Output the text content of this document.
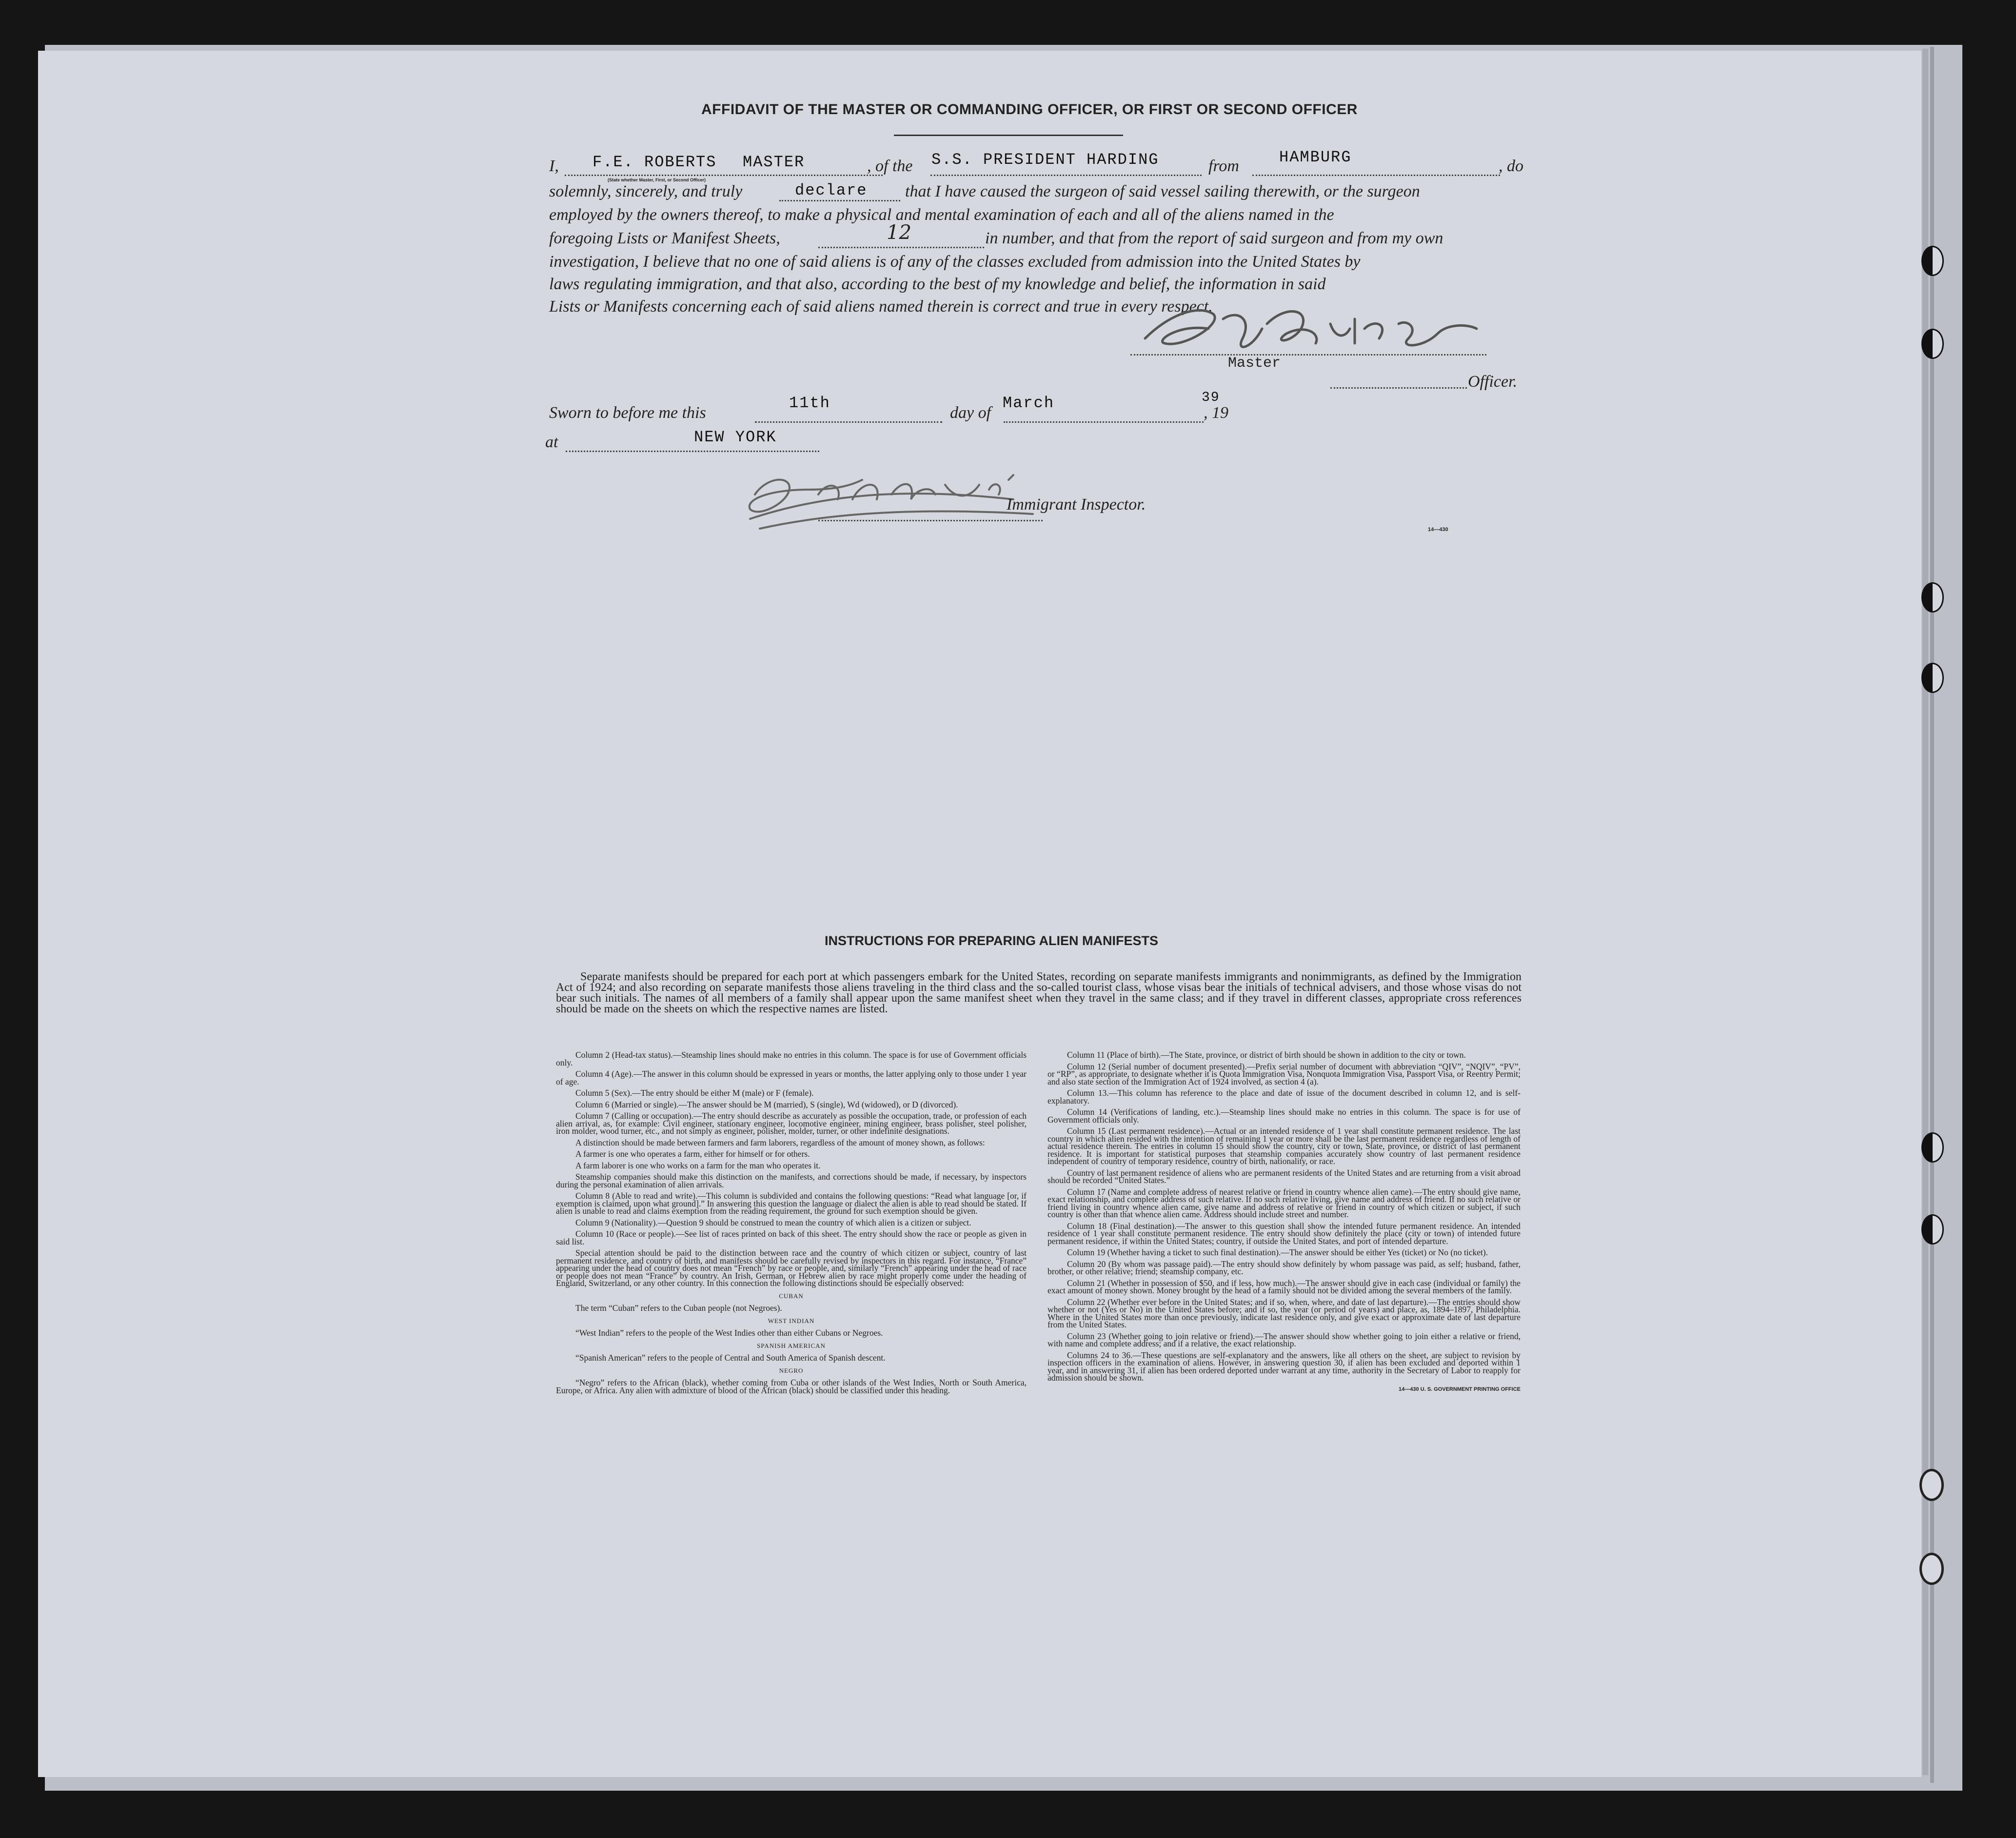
AFFIDAVIT OF THE MASTER OR COMMANDING OFFICER, OR FIRST OR SECOND OFFICER
I, F.E. ROBERTS MASTER
(State whether Master, First, or Second Officer)
, of the S.S. PRESIDENT HARDING	from	HAMBURG	, do
solemnly, sincerely, and truly	declare that I have caused the surgeon of said vessel sailing therewith, or the surgeon
employed by the owners thereof, to make a physical and mental examination of each and all of the aliens named in the
foregoing Lists or Manifest Sheets,	12	in number, and that from the report of said surgeon and from my own
investigation, I believe that no one of said aliens is of any of the classes excluded from admission into the United States by
laws regulating immigration, and that also, according to the best of my knowledge and belief, the information in said
Lists or Manifests concerning each of said aliens named therein is correct and true in every respect.
Master
Officer.
Sworn to before me this
11th
day of
March
, 19
39
at	NEW YORK
Immigrant Inspector.
14—430
INSTRUCTIONS FOR PREPARING ALIEN MANIFESTS
Separate manifests should be prepared for each port at which passengers embark for the United States, recording on separate manifests immigrants and nonimmigrants, as defined by the Immigration Act of 1924; and also recording on separate manifests those aliens traveling in the third class and the so-called tourist class, whose visas bear the initials of technical advisers, and those whose visas do not bear such initials. The names of all members of a family shall appear upon the same manifest sheet when they travel in the same class; and if they travel in different classes, appropriate cross references should be made on the sheets on which the respective names are listed.

Column 2 (Head-tax status).—Steamship lines should make no entries in this column. The space is for use of Government officials only.

Column 4 (Age).—The answer in this column should be expressed in years or months, the latter applying only to those under 1 year of age.

Column 5 (Sex).—The entry should be either M (male) or F (female).

Column 6 (Married or single).—The answer should be M (married), S (single), Wd (widowed), or D (divorced).

Column 7 (Calling or occupation).—The entry should describe as accurately as possible the occupation, trade, or profession of each alien arrival, as, for example: Civil engineer, stationary engineer, locomotive engineer, mining engineer, brass polisher, steel polisher, iron molder, wood turner, etc., and not simply as engineer, polisher, molder, turner, or other indefinite designations.

A distinction should be made between farmers and farm laborers, regardless of the amount of money shown, as follows:

A farmer is one who operates a farm, either for himself or for others.

A farm laborer is one who works on a farm for the man who operates it.

Steamship companies should make this distinction on the manifests, and corrections should be made, if necessary, by inspectors during the personal examination of alien arrivals.

Column 8 (Able to read and write).—This column is subdivided and contains the following questions: “Read what language [or, if exemption is claimed, upon what ground].” In answering this question the language or dialect the alien is able to read should be stated. If alien is unable to read and claims exemption from the reading requirement, the ground for such exemption should be given.

Column 9 (Nationality).—Question 9 should be construed to mean the country of which alien is a citizen or subject.

Column 10 (Race or people).—See list of races printed on back of this sheet. The entry should show the race or people as given in said list.

Special attention should be paid to the distinction between race and the country of which citizen or subject, country of last permanent residence, and country of birth, and manifests should be carefully revised by inspectors in this regard. For instance, “France” appearing under the head of country does not mean “French” by race or people, and, similarly “French” appearing under the head of race or people does not mean “France” by country. An Irish, German, or Hebrew alien by race might properly come under the heading of England, Switzerland, or any other country. In this connection the following distinctions should be especially observed:

CUBAN

The term “Cuban” refers to the Cuban people (not Negroes).

WEST INDIAN

“West Indian” refers to the people of the West Indies other than either Cubans or Negroes.

SPANISH AMERICAN

“Spanish American” refers to the people of Central and South America of Spanish descent.

NEGRO

“Negro” refers to the African (black), whether coming from Cuba or other islands of the West Indies, North or South America, Europe, or Africa. Any alien with admixture of blood of the African (black) should be classified under this heading.

Column 11 (Place of birth).—The State, province, or district of birth should be shown in addition to the city or town.

Column 12 (Serial number of document presented).—Prefix serial number of document with abbreviation “QIV”, “NQIV”, “PV”, or “RP”, as appropriate, to designate whether it is Quota Immigration Visa, Nonquota Immigration Visa, Passport Visa, or Reentry Permit; and also state section of the Immigration Act of 1924 involved, as section 4 (a).

Column 13.—This column has reference to the place and date of issue of the document described in column 12, and is self-explanatory.

Column 14 (Verifications of landing, etc.).—Steamship lines should make no entries in this column. The space is for use of Government officials only.

Column 15 (Last permanent residence).—Actual or an intended residence of 1 year shall constitute permanent residence. The last country in which alien resided with the intention of remaining 1 year or more shall be the last permanent residence regardless of length of actual residence therein. The entries in column 15 should show the country, city or town, State, province, or district of last permanent residence. It is important for statistical purposes that steamship companies accurately show country of last permanent residence independent of country of temporary residence, country of birth, nationality, or race.

Country of last permanent residence of aliens who are permanent residents of the United States and are returning from a visit abroad should be recorded “United States.”

Column 17 (Name and complete address of nearest relative or friend in country whence alien came).—The entry should give name, exact relationship, and complete address of such relative. If no such relative living, give name and address of friend. If no such relative or friend living in country whence alien came, give name and address of relative or friend in country of which citizen or subject, if such country is other than that whence alien came. Address should include street and number.

Column 18 (Final destination).—The answer to this question shall show the intended future permanent residence. An intended residence of 1 year shall constitute permanent residence. The entry should show definitely the place (city or town) of intended future permanent residence, if within the United States; country, if outside the United States, and port of intended departure.

Column 19 (Whether having a ticket to such final destination).—The answer should be either Yes (ticket) or No (no ticket).

Column 20 (By whom was passage paid).—The entry should show definitely by whom passage was paid, as self; husband, father, brother, or other relative; friend; steamship company, etc.

Column 21 (Whether in possession of $50, and if less, how much).—The answer should give in each case (individual or family) the exact amount of money shown. Money brought by the head of a family should not be divided among the several members of the family.

Column 22 (Whether ever before in the United States; and if so, when, where, and date of last departure).—The entries should show whether or not (Yes or No) in the United States before; and if so, the year (or period of years) and place, as, 1894–1897, Philadelphia. Where in the United States more than once previously, indicate last residence only, and give exact or approximate date of last departure from the United States.

Column 23 (Whether going to join relative or friend).—The answer should show whether going to join either a relative or friend, with name and complete address; and if a relative, the exact relationship.

Columns 24 to 36.—These questions are self-explanatory and the answers, like all others on the sheet, are subject to revision by inspection officers in the examination of aliens. However, in answering question 30, if alien has been excluded and deported within 1 year, and in answering 31, if alien has been ordered deported under warrant at any time, authority in the Secretary of Labor to reapply for admission should be shown.

14—430 U. S. GOVERNMENT PRINTING OFFICE
